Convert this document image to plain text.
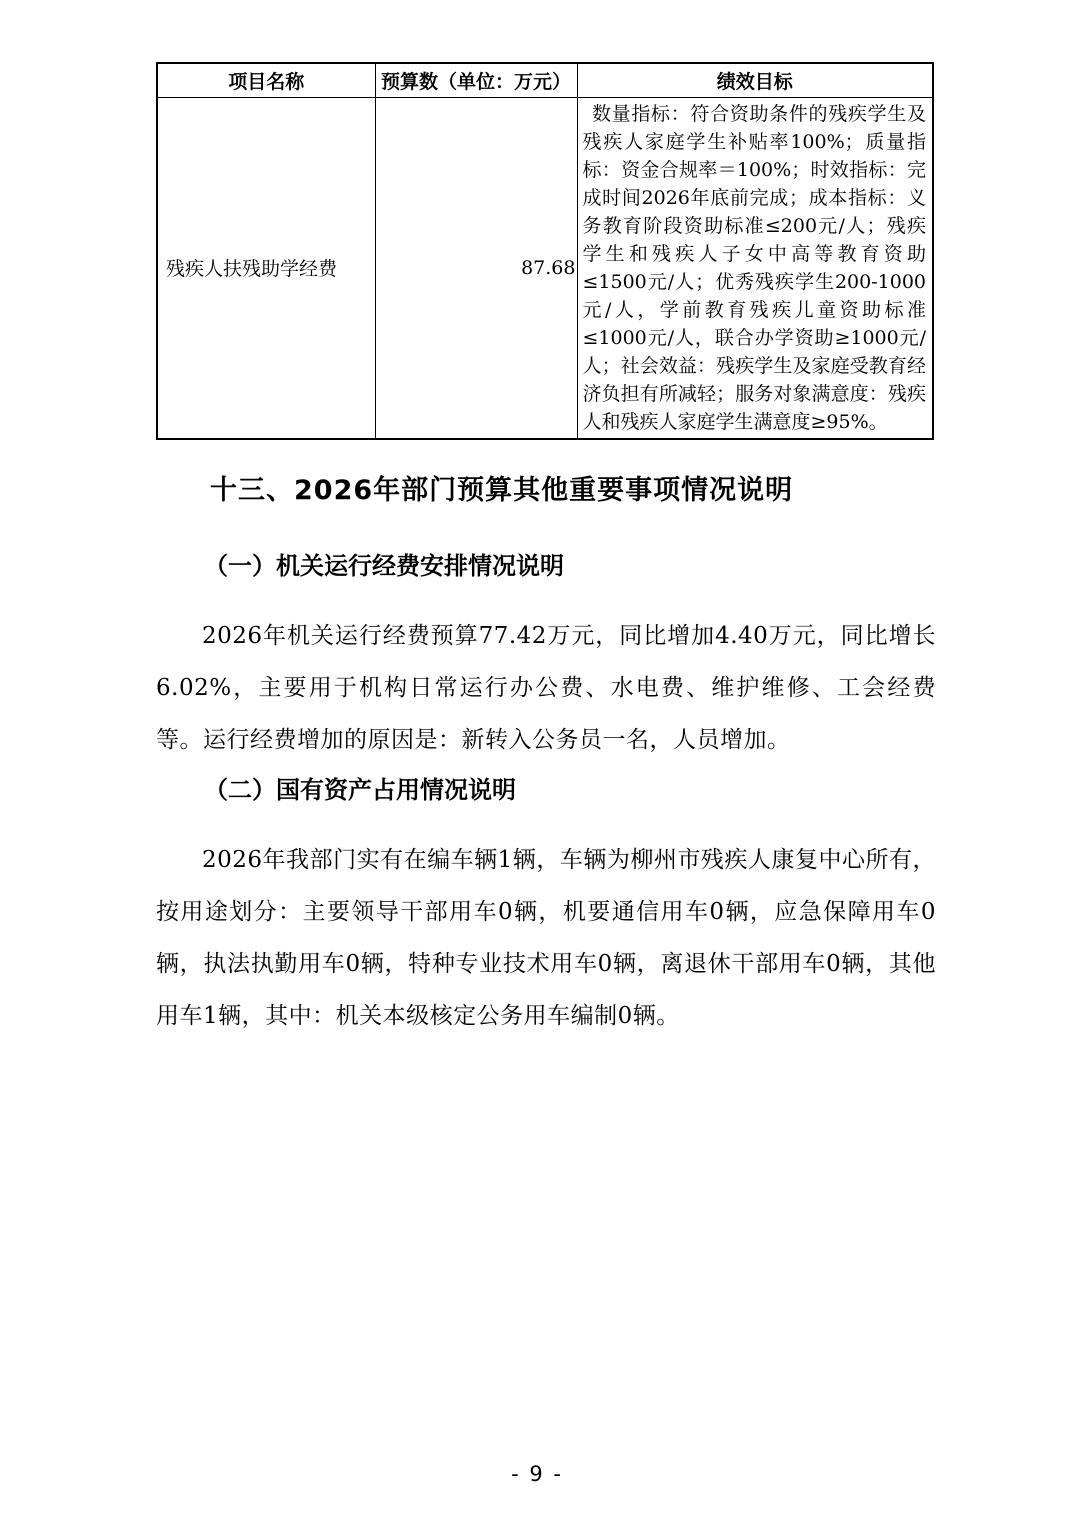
项目名称	预算数（单位：万元）	绩效目标
残疾人扶残助学经费	87.68	数量指标：符合资助条件的残疾学生及残疾人家庭学生补贴率100%；质量指标：资金合规率＝100%；时效指标：完成时间2026年底前完成；成本指标：义务教育阶段资助标准≤200元/人；残疾学生和残疾人子女中高等教育资助≤1500元/人；优秀残疾学生200-1000元/人，学前教育残疾儿童资助标准≤1000元/人，联合办学资助≥1000元/人；社会效益：残疾学生及家庭受教育经济负担有所减轻；服务对象满意度：残疾人和残疾人家庭学生满意度≥95%。
十三、2026年部门预算其他重要事项情况说明
（一）机关运行经费安排情况说明
2026年机关运行经费预算77.42万元，同比增加4.40万元，同比增长6.02%，主要用于机构日常运行办公费、水电费、维护维修、工会经费等。运行经费增加的原因是：新转入公务员一名，人员增加。
（二）国有资产占用情况说明
2026年我部门实有在编车辆1辆，车辆为柳州市残疾人康复中心所有，按用途划分：主要领导干部用车0辆，机要通信用车0辆，应急保障用车0辆，执法执勤用车0辆，特种专业技术用车0辆，离退休干部用车0辆，其他用车1辆，其中：机关本级核定公务用车编制0辆。
- 9 -
